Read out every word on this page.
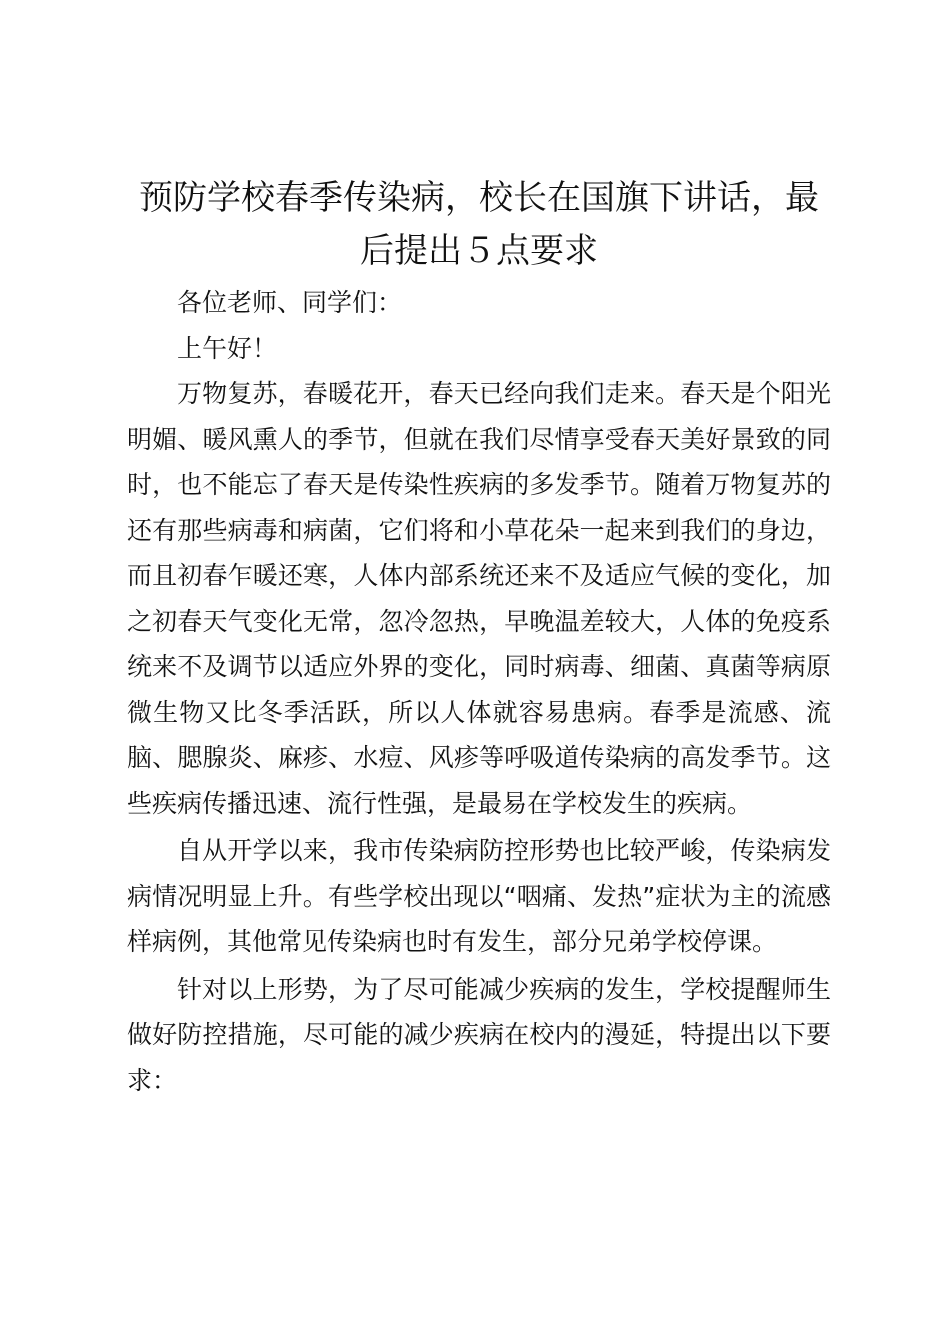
预防学校春季传染病，校长在国旗下讲话，最后提出５点要求

各位老师、同学们：

上午好！

万物复苏，春暖花开，春天已经向我们走来。春天是个阳光明媚、暖风熏人的季节，但就在我们尽情享受春天美好景致的同时，也不能忘了春天是传染性疾病的多发季节。随着万物复苏的还有那些病毒和病菌，它们将和小草花朵一起来到我们的身边，而且初春乍暖还寒，人体内部系统还来不及适应气候的变化，加之初春天气变化无常，忽冷忽热，早晚温差较大，人体的免疫系统来不及调节以适应外界的变化，同时病毒、细菌、真菌等病原微生物又比冬季活跃，所以人体就容易患病。春季是流感、流脑、腮腺炎、麻疹、水痘、风疹等呼吸道传染病的高发季节。这些疾病传播迅速、流行性强，是最易在学校发生的疾病。

自从开学以来，我市传染病防控形势也比较严峻，传染病发病情况明显上升。有些学校出现以“咽痛、发热”症状为主的流感样病例，其他常见传染病也时有发生，部分兄弟学校停课。

针对以上形势，为了尽可能减少疾病的发生，学校提醒师生做好防控措施，尽可能的减少疾病在校内的漫延，特提出以下要求：
